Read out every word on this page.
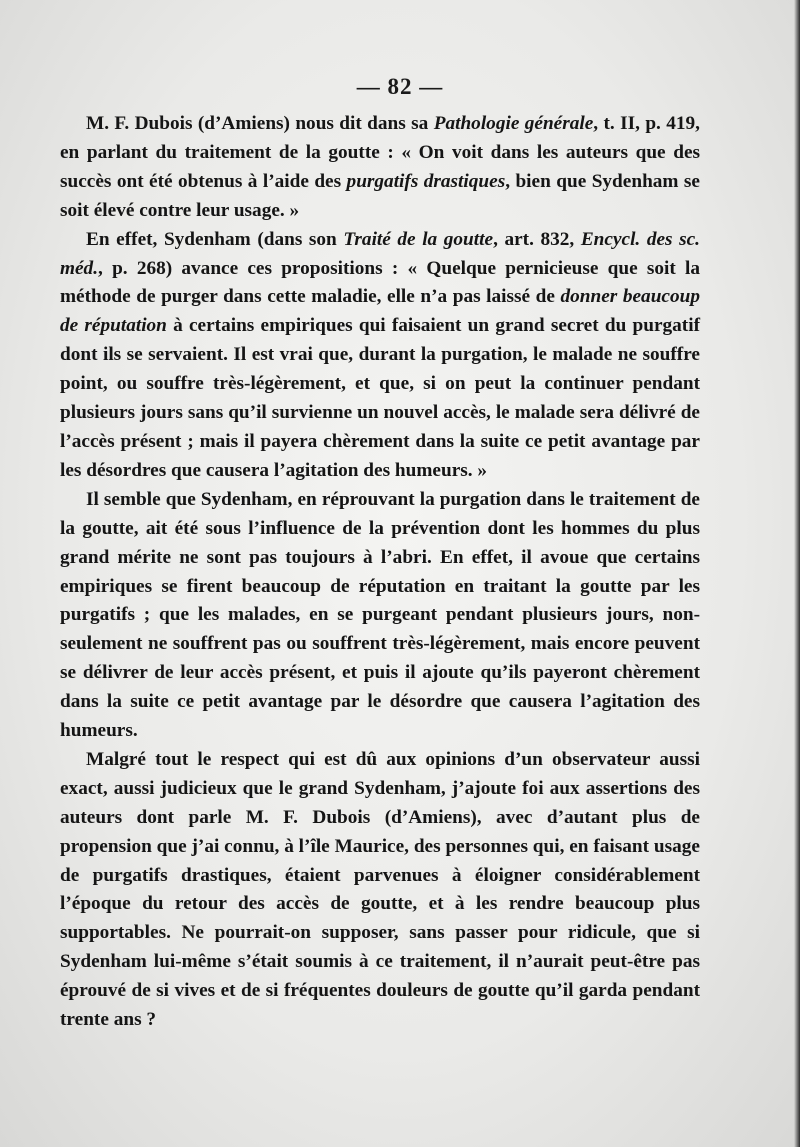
— 82 —

M. F. Dubois (d’Amiens) nous dit dans sa Pathologie générale, t. II, p. 419, en parlant du traitement de la goutte : « On voit dans les auteurs que des succès ont été obtenus à l’aide des purgatifs drastiques, bien que Sydenham se soit élevé contre leur usage. »

En effet, Sydenham (dans son Traité de la goutte, art. 832, Encycl. des sc. méd., p. 268) avance ces propositions : « Quelque pernicieuse que soit la méthode de purger dans cette maladie, elle n’a pas laissé de donner beaucoup de réputation à certains empiriques qui faisaient un grand secret du purgatif dont ils se servaient. Il est vrai que, durant la purgation, le malade ne souffre point, ou souffre très-légèrement, et que, si on peut la continuer pendant plusieurs jours sans qu’il survienne un nouvel accès, le malade sera délivré de l’accès présent ; mais il payera chèrement dans la suite ce petit avantage par les désordres que causera l’agitation des humeurs. »

Il semble que Sydenham, en réprouvant la purgation dans le traitement de la goutte, ait été sous l’influence de la prévention dont les hommes du plus grand mérite ne sont pas toujours à l’abri. En effet, il avoue que certains empiriques se firent beaucoup de réputation en traitant la goutte par les purgatifs ; que les malades, en se purgeant pendant plusieurs jours, non-seulement ne souffrent pas ou souffrent très-légèrement, mais encore peuvent se délivrer de leur accès présent, et puis il ajoute qu’ils payeront chèrement dans la suite ce petit avantage par le désordre que causera l’agitation des humeurs.

Malgré tout le respect qui est dû aux opinions d’un observateur aussi exact, aussi judicieux que le grand Sydenham, j’ajoute foi aux assertions des auteurs dont parle M. F. Dubois (d’Amiens), avec d’autant plus de propension que j’ai connu, à l’île Maurice, des personnes qui, en faisant usage de purgatifs drastiques, étaient parvenues à éloigner considérablement l’époque du retour des accès de goutte, et à les rendre beaucoup plus supportables. Ne pourrait-on supposer, sans passer pour ridicule, que si Sydenham lui-même s’était soumis à ce traitement, il n’aurait peut-être pas éprouvé de si vives et de si fréquentes douleurs de goutte qu’il garda pendant trente ans ?
